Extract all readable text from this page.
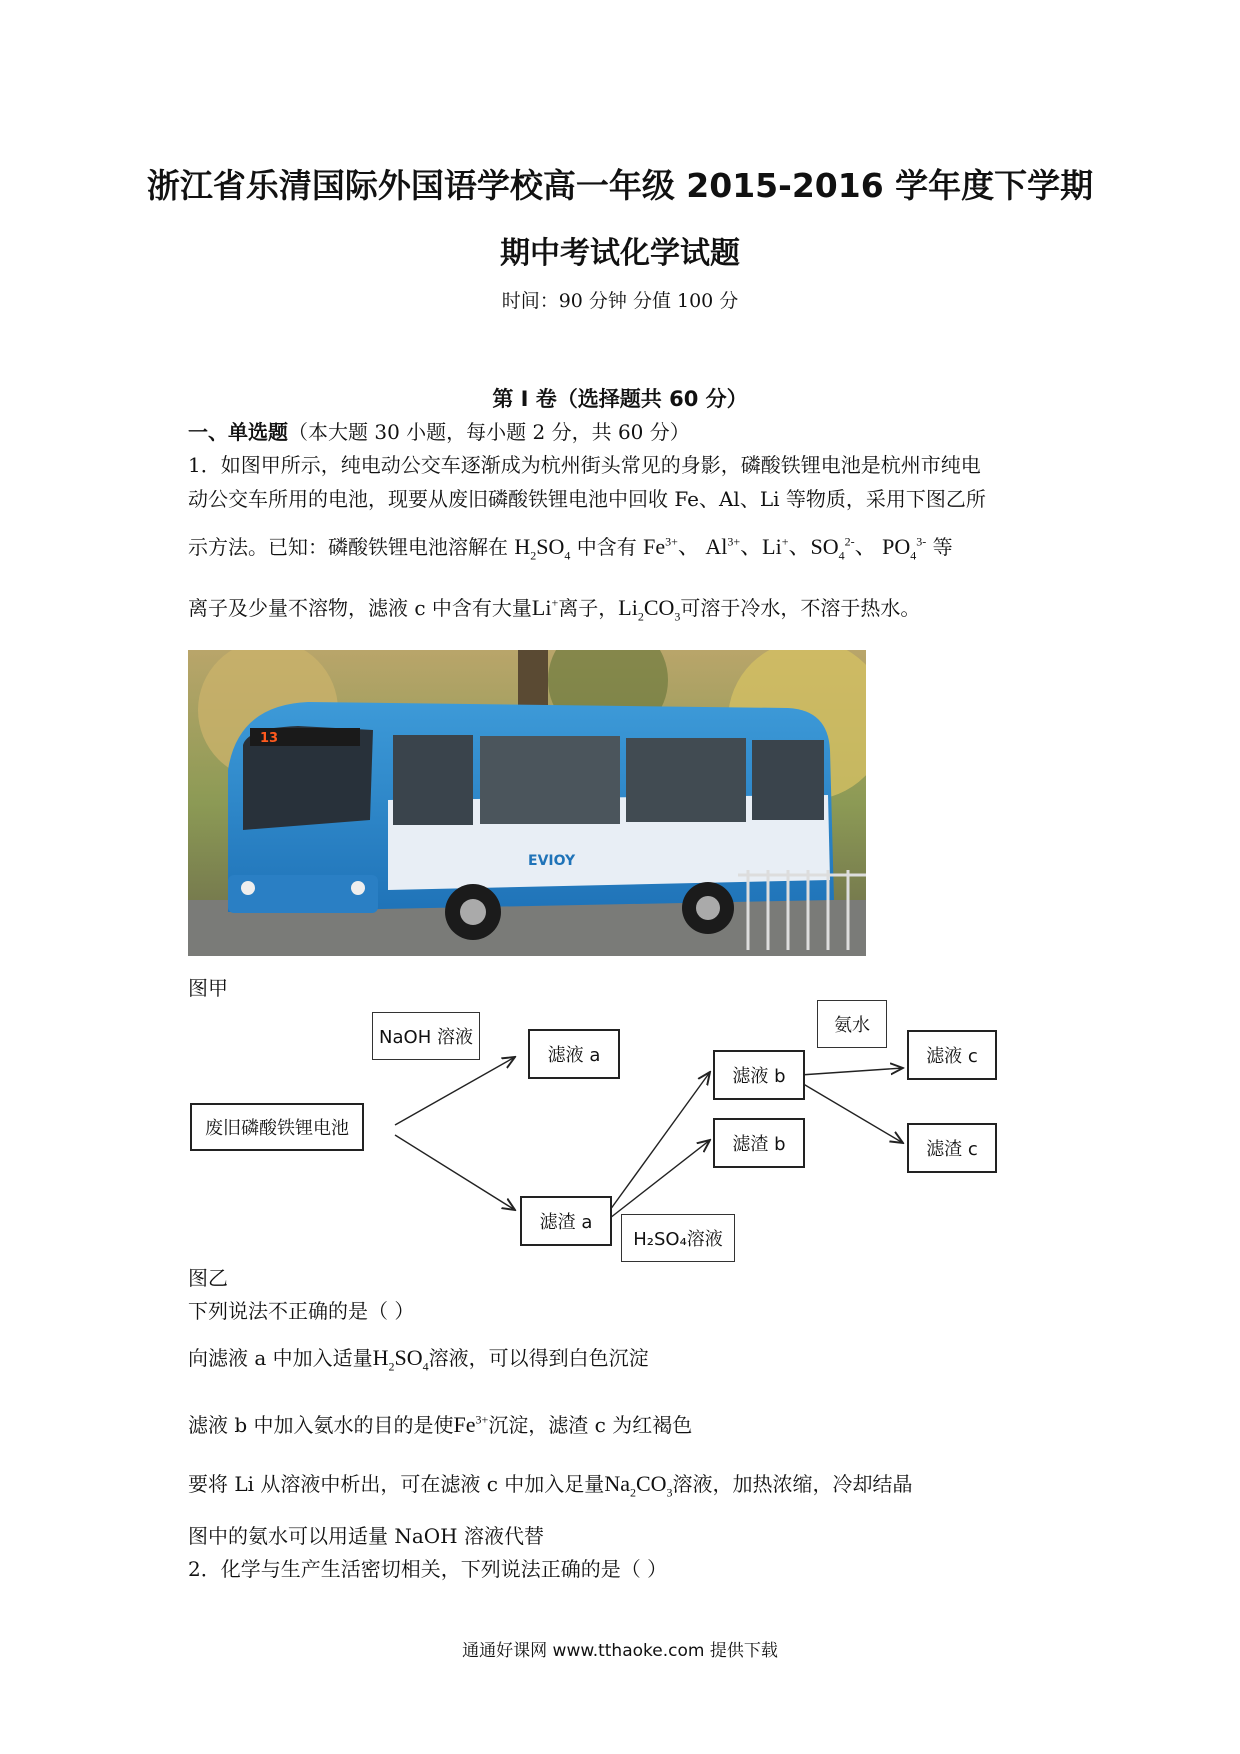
浙江省乐清国际外国语学校高一年级 2015-2016 学年度下学期
期中考试化学试题
时间：90 分钟 分值 100 分
第 I 卷（选择题共 60 分）
一、单选题（本大题 30 小题，每小题 2 分，共 60 分）
1．如图甲所示，纯电动公交车逐渐成为杭州街头常见的身影，磷酸铁锂电池是杭州市纯电
动公交车所用的电池，现要从废旧磷酸铁锂电池中回收 Fe、Al、Li 等物质，采用下图乙所
示方法。已知：磷酸铁锂电池溶解在 $H_2SO_4$ 中含有 $Fe^{3+}$、 $Al^{3+}$、Li+、$SO_4^{2-}$、 $PO_4^{3-}$ 等
离子及少量不溶物，滤液 c 中含有大量Li+离子，$Li_2CO_3$可溶于冷水，不溶于热水。
13
EVIOY
图甲
NaOH 溶液
废旧磷酸铁锂电池
滤液 a
滤渣 a
H₂SO₄溶液
滤液 b
滤渣 b
氨水
滤液 c
滤渣 c
图乙
下列说法不正确的是（ ）
向滤液 a 中加入适量$H_2SO_4$溶液，可以得到白色沉淀
滤液 b 中加入氨水的目的是使$Fe^{3+}$沉淀，滤渣 c 为红褐色
要将 Li 从溶液中析出，可在滤液 c 中加入足量$Na_2CO_3$溶液，加热浓缩，冷却结晶
图中的氨水可以用适量 NaOH 溶液代替
2．化学与生产生活密切相关，下列说法正确的是（ ）
通通好课网 www.tthaoke.com 提供下载
